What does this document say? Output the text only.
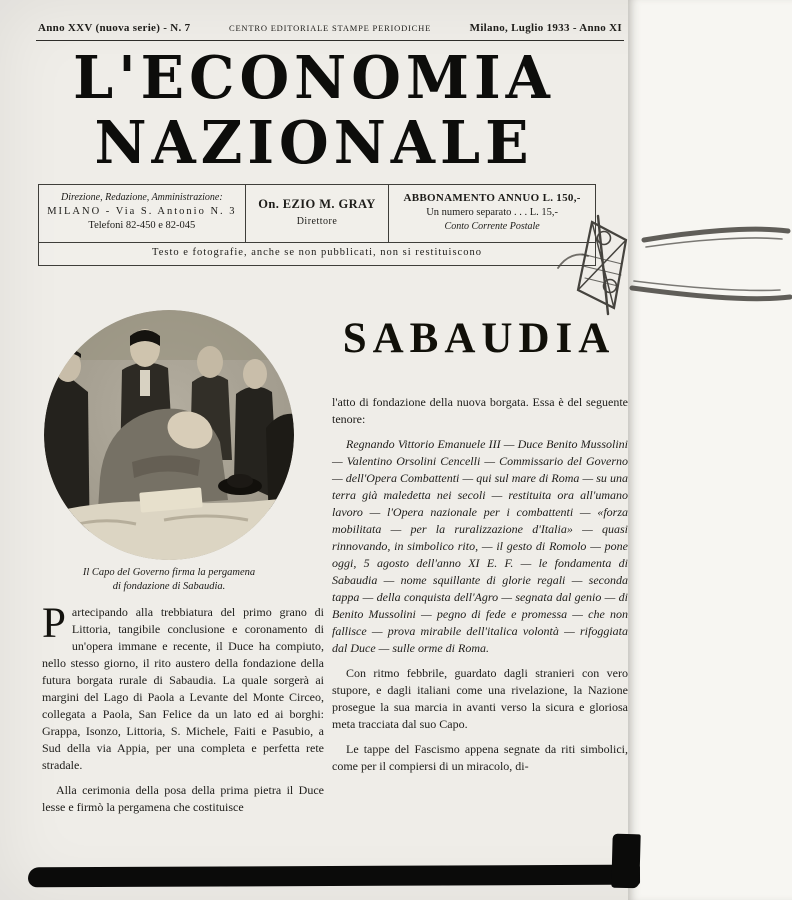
Anno XXV (nuova serie) - N. 7	CENTRO EDITORIALE STAMPE PERIODICHE	Milano, Luglio 1933 - Anno XI
L'ECONOMIA
NAZIONALE
Direzione, Redazione, Amministrazione:
MILANO - Via S. Antonio N. 3
Telefoni 82-450 e 82-045
On. EZIO M. GRAY
Direttore
ABBONAMENTO ANNUO L. 150,-
Un numero separato . . . L. 15,-
Conto Corrente Postale
Testo e fotografie, anche se non pubblicati, non si restituiscono
Il Capo del Governo firma la pergamena
di fondazione di Sabaudia.
SABAUDIA

Partecipando alla trebbiatura del primo grano di Littoria, tangibile conclusione e coronamento di un'opera immane e recente, il Duce ha compiuto, nello stesso giorno, il rito austero della fondazione della futura borgata rurale di Sabaudia. La quale sorgerà ai margini del Lago di Paola a Levante del Monte Circeo, collegata a Paola, San Felice da un lato ed ai borghi: Grappa, Isonzo, Littoria, S. Michele, Faiti e Pasubio, a Sud della via Appia, per una completa e perfetta rete stradale.

Alla cerimonia della posa della prima pietra il Duce lesse e firmò la pergamena che costituisce

l'atto di fondazione della nuova borgata. Essa è del seguente tenore:

Regnando Vittorio Emanuele III — Duce Benito Mussolini — Valentino Orsolini Cencelli — Commissario del Governo — dell'Opera Combattenti — qui sul mare di Roma — su una terra già maledetta nei secoli — restituita ora all'umano lavoro — l'Opera nazionale per i combattenti — «forza mobilitata — per la ruralizzazione d'Italia» — quasi rinnovando, in simbolico rito, — il gesto di Romolo — pone oggi, 5 agosto dell'anno XI E. F. — le fondamenta di Sabaudia — nome squillante di glorie regali — seconda tappa — della conquista dell'Agro — segnata dal genio — di Benito Mussolini — pegno di fede e promessa — che non fallisce — prova mirabile dell'italica volontà — rifoggiata dal Duce — sulle orme di Roma.

Con ritmo febbrile, guardato dagli stranieri con vero stupore, e dagli italiani come una rivelazione, la Nazione prosegue la sua marcia in avanti verso la sicura e gloriosa meta tracciata dal suo Capo.

Le tappe del Fascismo appena segnate da riti simbolici, come per il compiersi di un miracolo, di-
